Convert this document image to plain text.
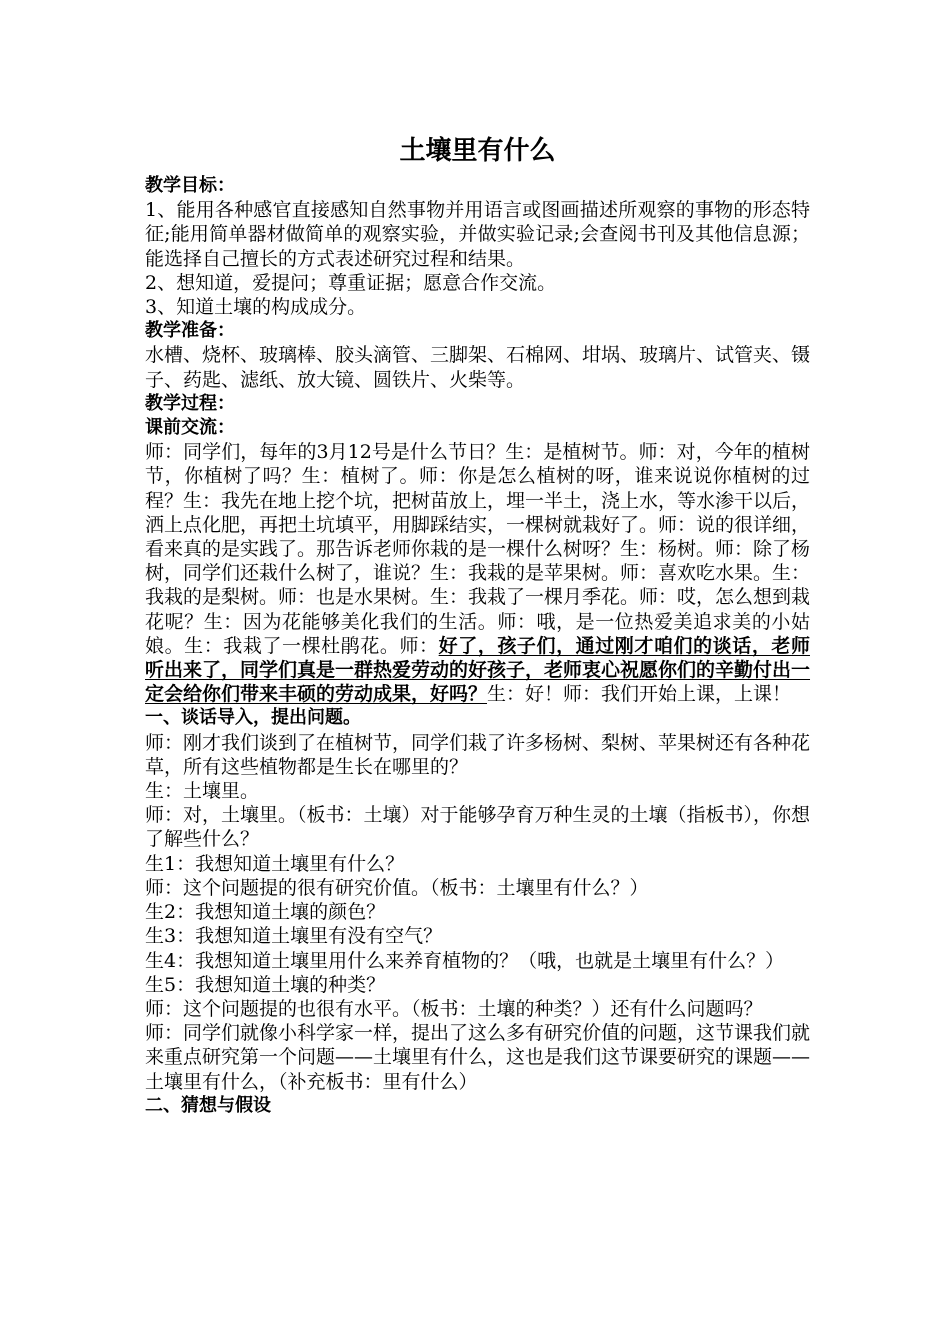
土壤里有什么
教学目标：

1、能用各种感官直接感知自然事物并用语言或图画描述所观察的事物的形态特征;能用简单器材做简单的观察实验，并做实验记录;会查阅书刊及其他信息源；能选择自己擅长的方式表述研究过程和结果。

2、想知道，爱提问；尊重证据；愿意合作交流。

3、知道土壤的构成成分。

教学准备：

水槽、烧杯、玻璃棒、胶头滴管、三脚架、石棉网、坩埚、玻璃片、试管夹、镊子、药匙、滤纸、放大镜、圆铁片、火柴等。

教学过程：
课前交流：

师：同学们，每年的3月12号是什么节日？生：是植树节。师：对，今年的植树节，你植树了吗？生：植树了。师：你是怎么植树的呀，谁来说说你植树的过程？生：我先在地上挖个坑，把树苗放上，埋一半土，浇上水，等水渗干以后，洒上点化肥，再把土坑填平，用脚踩结实，一棵树就栽好了。师：说的很详细，看来真的是实践了。那告诉老师你栽的是一棵什么树呀？生：杨树。师：除了杨树，同学们还栽什么树了，谁说？生：我栽的是苹果树。师：喜欢吃水果。生：我栽的是梨树。师：也是水果树。生：我栽了一棵月季花。师：哎，怎么想到栽花呢？生：因为花能够美化我们的生活。师：哦，是一位热爱美追求美的小姑娘。生：我栽了一棵杜鹃花。师：好了，孩子们，通过刚才咱们的谈话，老师听出来了，同学们真是一群热爱劳动的好孩子，老师衷心祝愿你们的辛勤付出一定会给你们带来丰硕的劳动成果，好吗？生：好！师：我们开始上课，上课！

一、谈话导入，提出问题。

师：刚才我们谈到了在植树节，同学们栽了许多杨树、梨树、苹果树还有各种花草，所有这些植物都是生长在哪里的？

生：土壤里。

师：对，土壤里。（板书：土壤）对于能够孕育万种生灵的土壤（指板书），你想了解些什么？

生1：我想知道土壤里有什么？

师：这个问题提的很有研究价值。（板书：土壤里有什么？）

生2：我想知道土壤的颜色？

生3：我想知道土壤里有没有空气？

生4：我想知道土壤里用什么来养育植物的？（哦，也就是土壤里有什么？）

生5：我想知道土壤的种类？

师：这个问题提的也很有水平。（板书：土壤的种类？）还有什么问题吗？

师：同学们就像小科学家一样，提出了这么多有研究价值的问题，这节课我们就来重点研究第一个问题——土壤里有什么，这也是我们这节课要研究的课题——土壤里有什么，（补充板书：里有什么）

二、猜想与假设
